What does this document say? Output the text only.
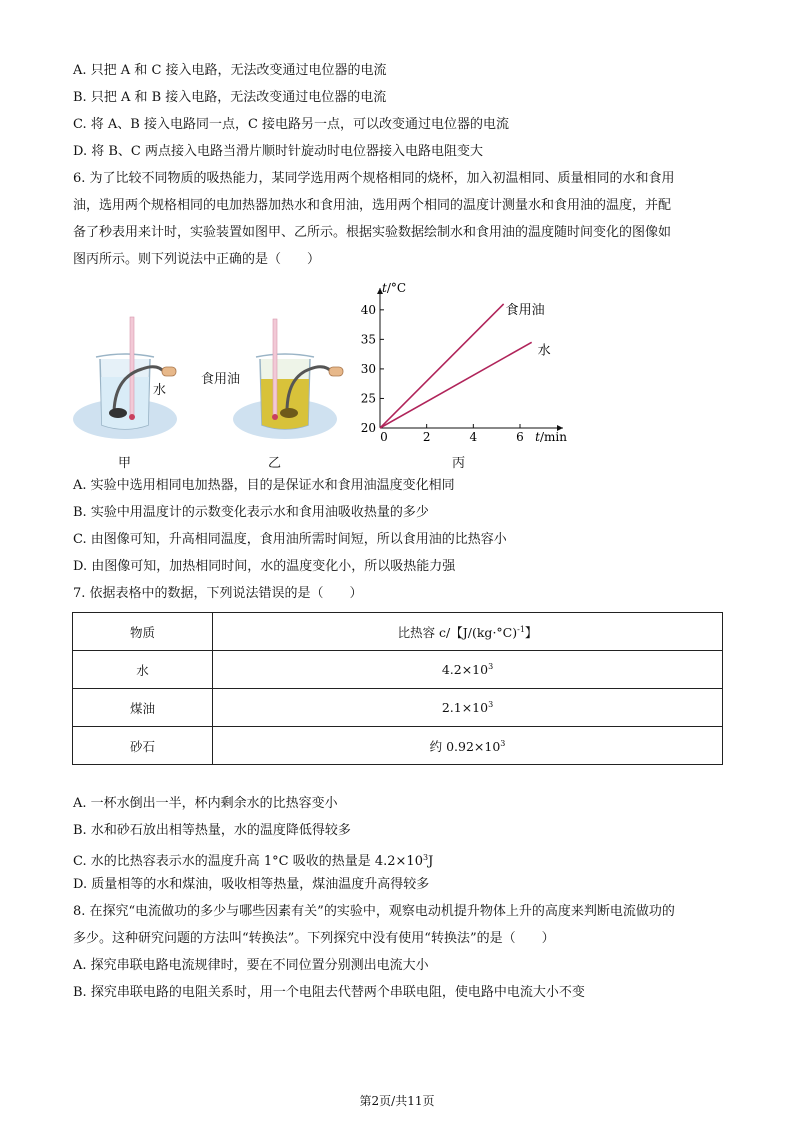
A. 只把 A 和 C 接入电路，无法改变通过电位器的电流
B. 只把 A 和 B 接入电路，无法改变通过电位器的电流
C. 将 A、B 接入电路同一点，C 接电路另一点，可以改变通过电位器的电流
D. 将 B、C 两点接入电路当滑片顺时针旋动时电位器接入电路电阻变大
6. 为了比较不同物质的吸热能力，某同学选用两个规格相同的烧杯，加入初温相同、质量相同的水和食用
油，选用两个规格相同的电加热器加热水和食用油，选用两个相同的温度计测量水和食用油的温度，并配
备了秒表用来计时，实验装置如图甲、乙所示。根据实验数据绘制水和食用油的温度随时间变化的图像如
图丙所示。则下列说法中正确的是（　　）
水
食用油
0	2	4	6
20
25
30
35
40
t/°C
t/min
食用油
水
甲	乙	丙
A. 实验中选用相同电加热器，目的是保证水和食用油温度变化相同
B. 实验中用温度计的示数变化表示水和食用油吸收热量的多少
C. 由图像可知，升高相同温度，食用油所需时间短，所以食用油的比热容小
D. 由图像可知，加热相同时间，水的温度变化小，所以吸热能力强
7. 依据表格中的数据，下列说法错误的是（　　）
物质	比热容 c/【$J/(kg\cdot^\circ C)^{-1}$】
水	$4.2\times 10^3$
煤油	$2.1\times 10^3$
砂石	约 $0.92\times 10^3$
A. 一杯水倒出一半，杯内剩余水的比热容变小
B. 水和砂石放出相等热量，水的温度降低得较多
C. 水的比热容表示水的温度升高 1°C 吸收的热量是 $4.2\times 10^3J$
D. 质量相等的水和煤油，吸收相等热量，煤油温度升高得较多
8. 在探究“电流做功的多少与哪些因素有关”的实验中，观察电动机提升物体上升的高度来判断电流做功的
多少。这种研究问题的方法叫“转换法”。下列探究中没有使用“转换法”的是（　　）
A. 探究串联电路电流规律时，要在不同位置分别测出电流大小
B. 探究串联电路的电阻关系时，用一个电阻去代替两个串联电阻，使电路中电流大小不变
第2页/共11页
